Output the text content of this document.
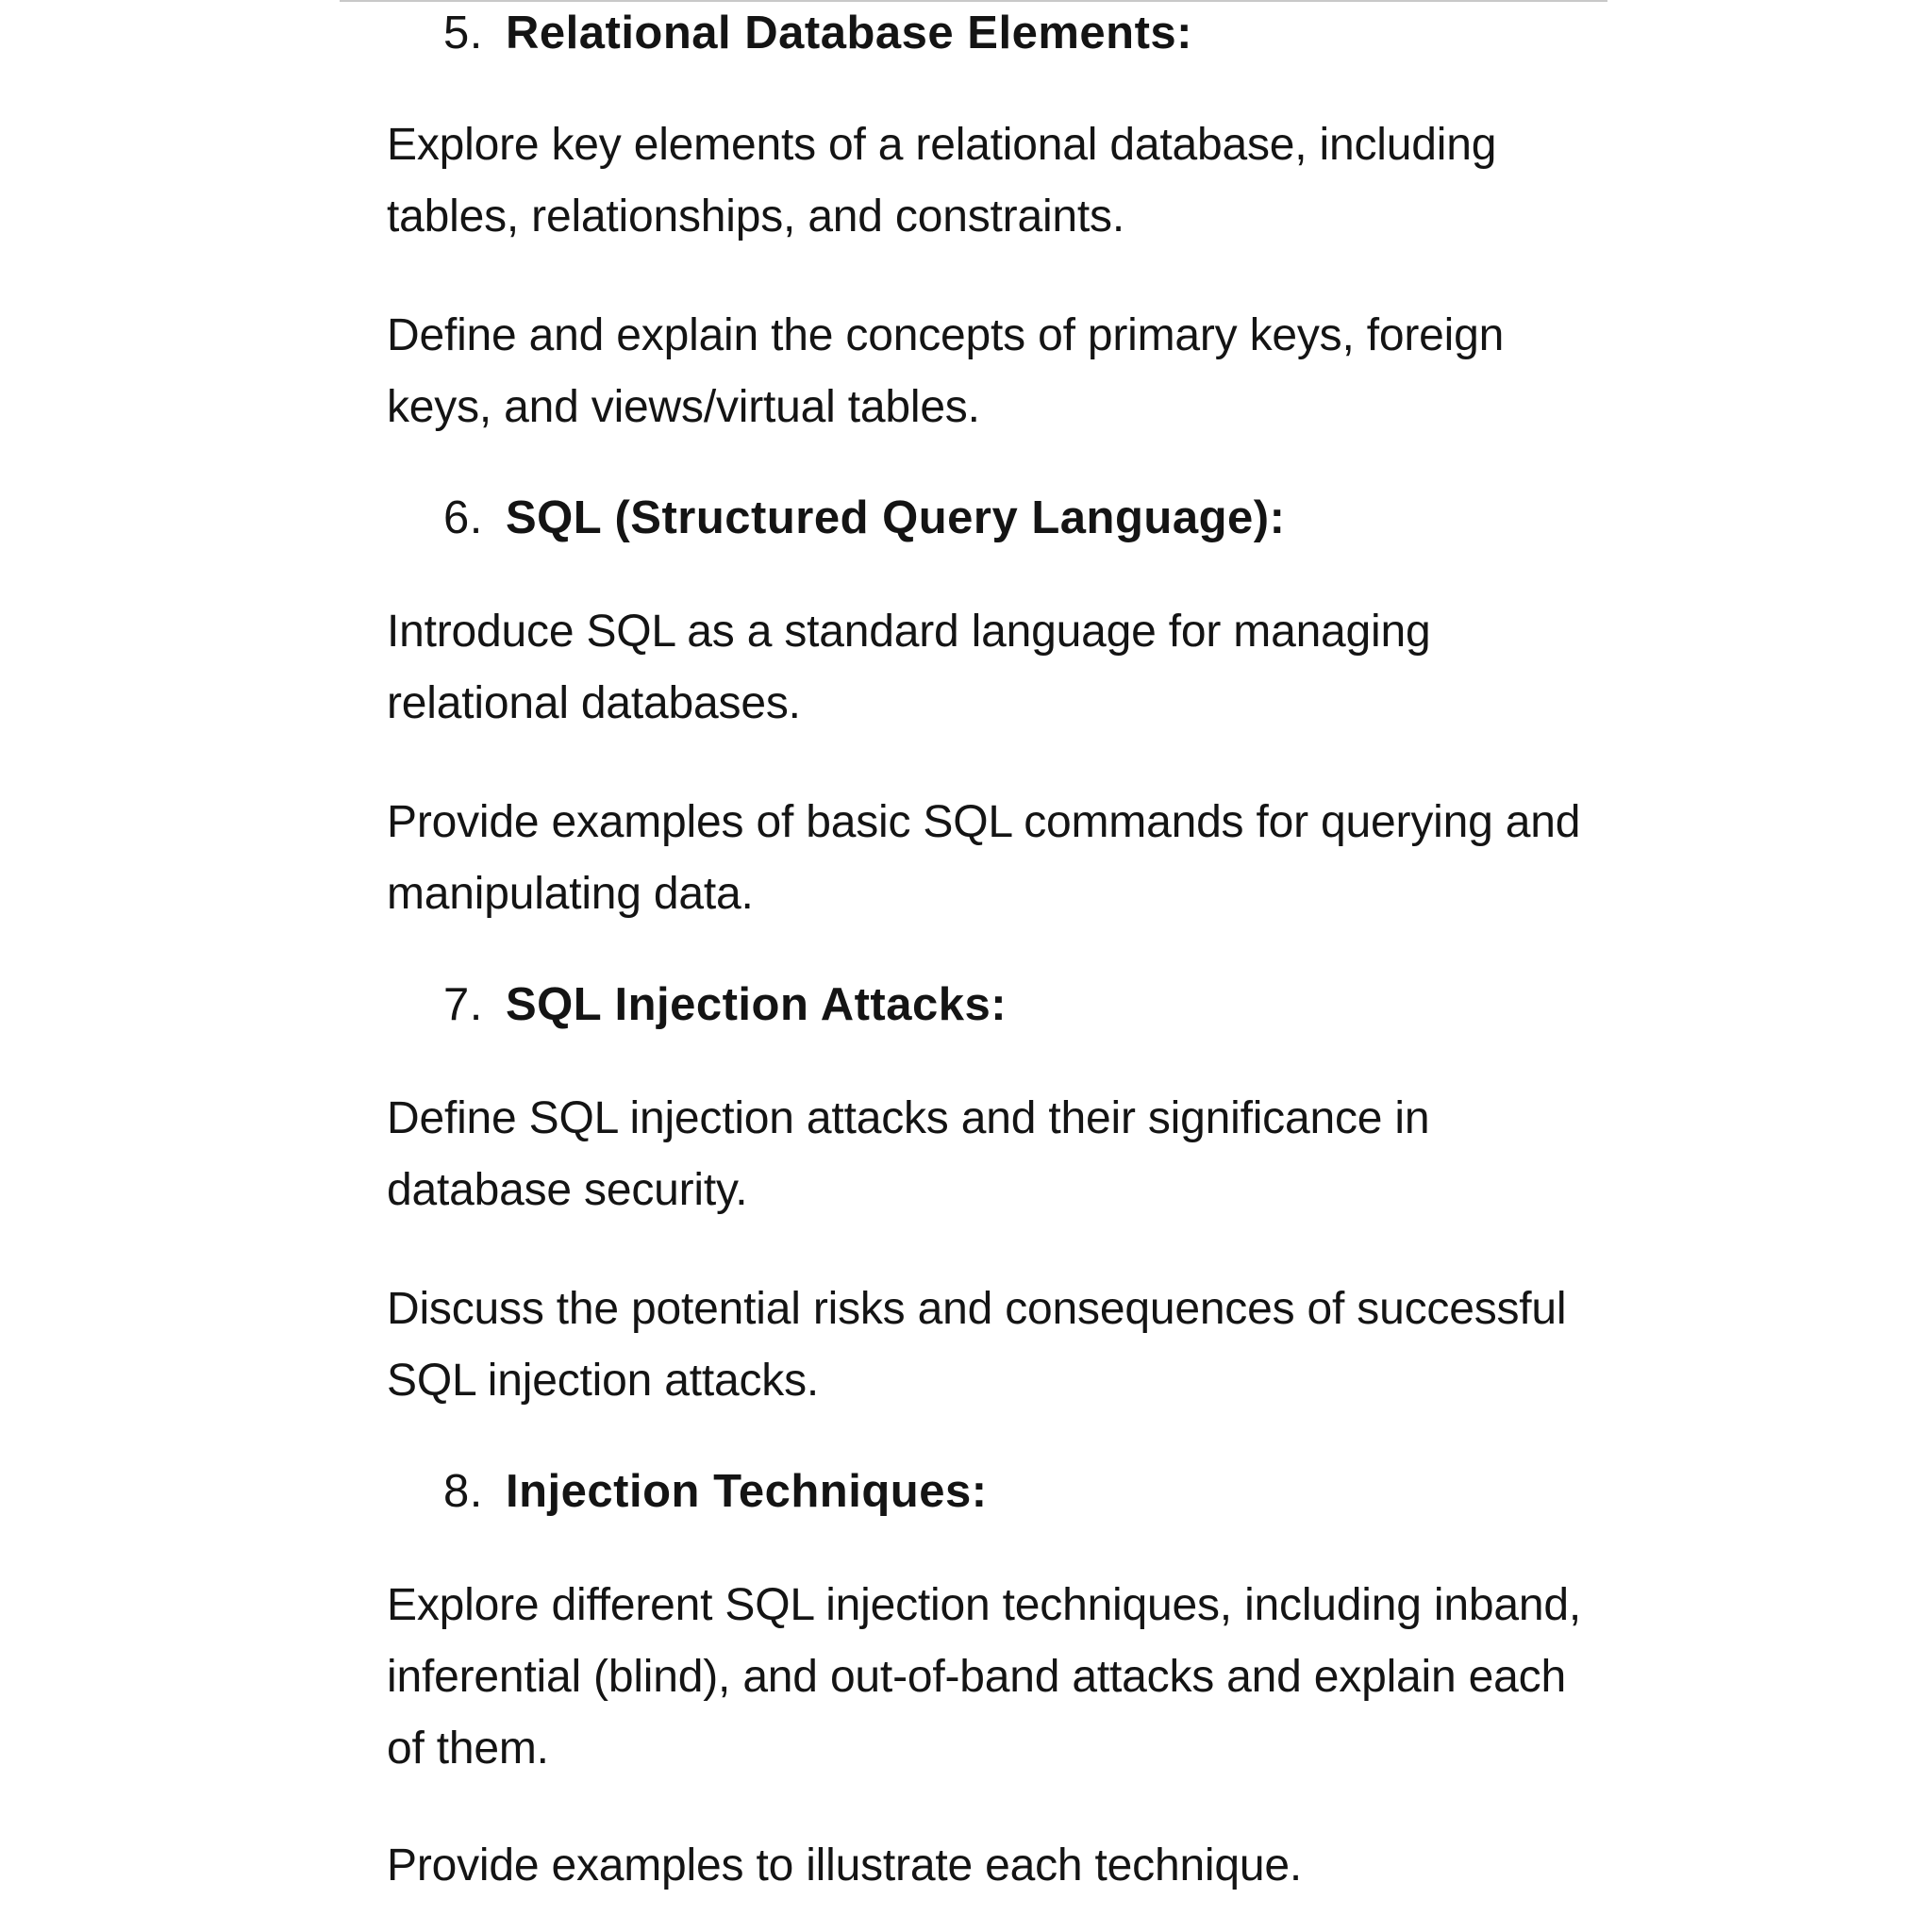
5. Relational Database Elements:

Explore key elements of a relational database, including tables, relationships, and constraints.

Define and explain the concepts of primary keys, foreign keys, and views/virtual tables.

6. SQL (Structured Query Language):

Introduce SQL as a standard language for managing relational databases.

Provide examples of basic SQL commands for querying and manipulating data.

7. SQL Injection Attacks:

Define SQL injection attacks and their significance in database security.

Discuss the potential risks and consequences of successful SQL injection attacks.

8. Injection Techniques:

Explore different SQL injection techniques, including inband, inferential (blind), and out-of-band attacks and explain each of them.

Provide examples to illustrate each technique.
